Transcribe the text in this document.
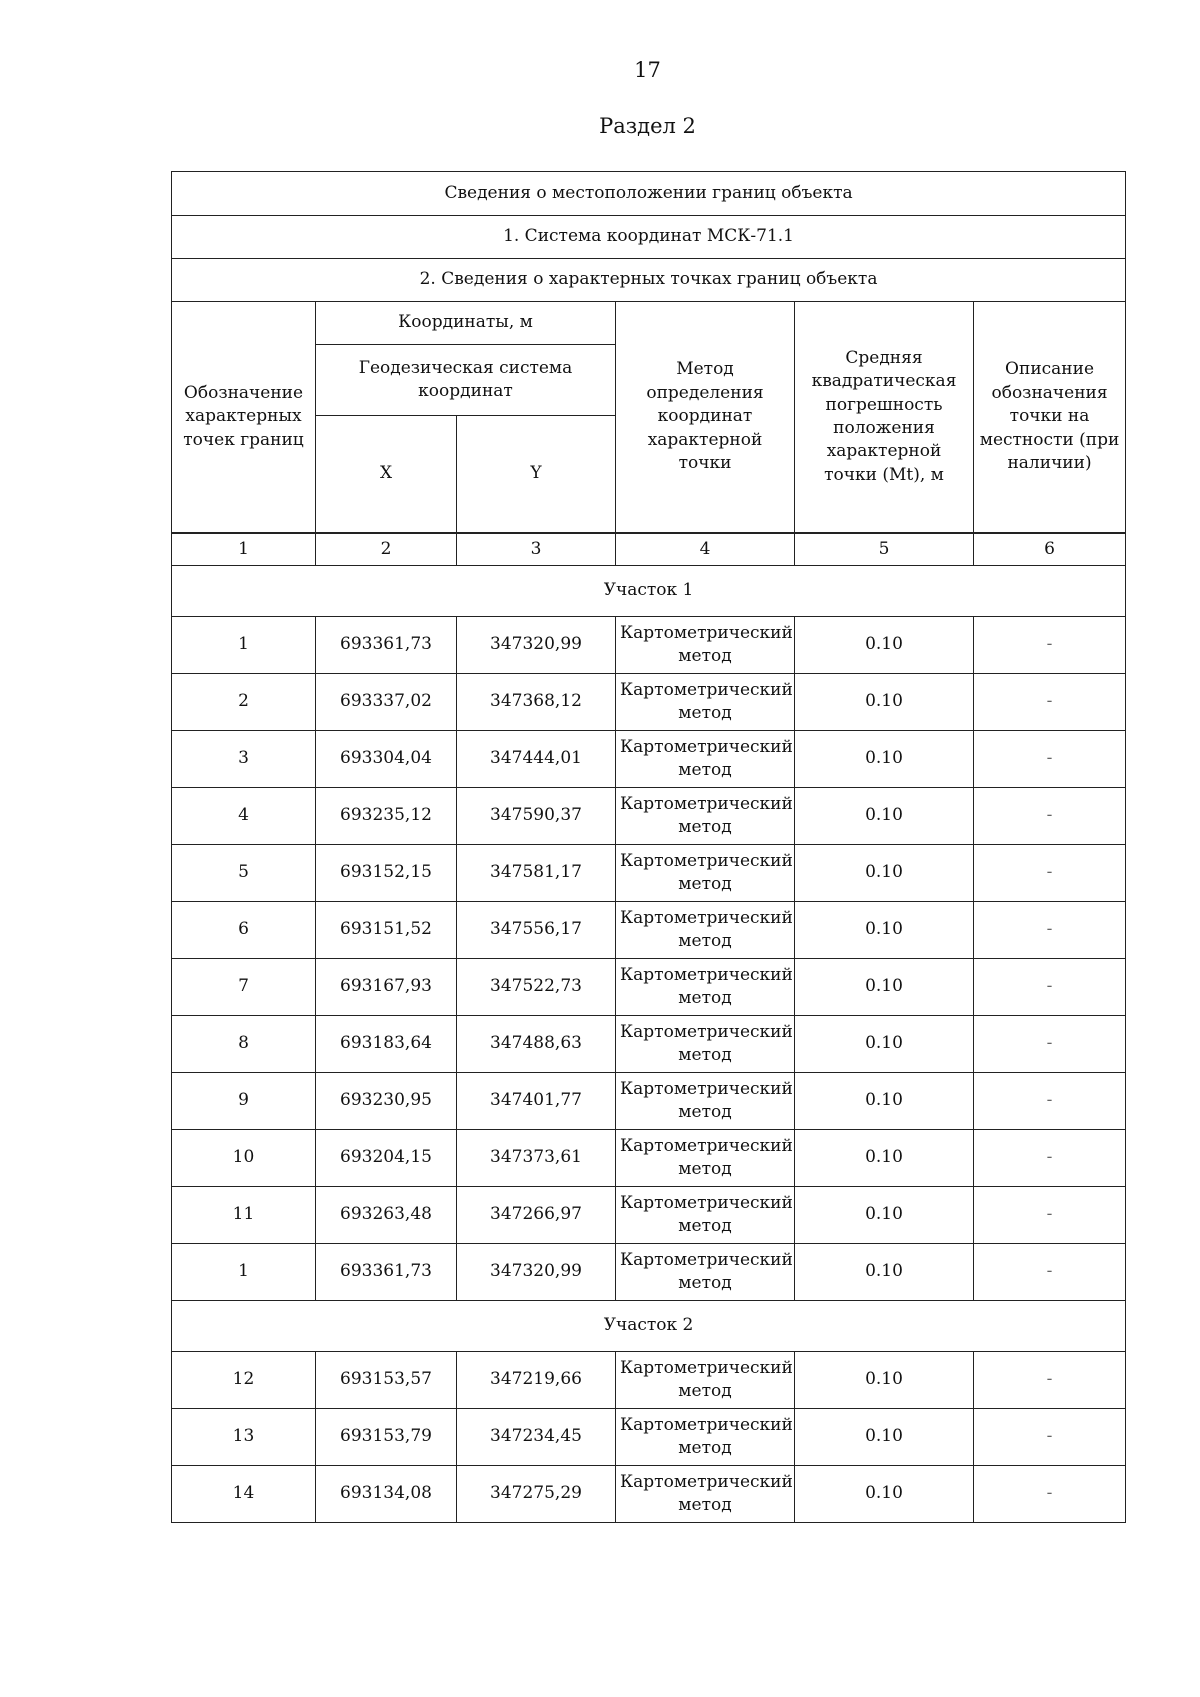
17
Раздел 2
Сведения о местоположении границ объекта					
1. Система координат МСК-71.1					
2. Сведения о характерных точках границ объекта					
Обозначение характерных точек границ	Координаты, м		Метод определения координат характерной точки	Средняя квадратическая погрешность положения характерной точки (Mt), м	Описание обозначения точки на местности (при наличии)
	Геодезическая система координат				
	X	Y			

1	2	3	4	5	6
Участок 1					
1	693361,73	347320,99	Картометрический метод	0.10	-
2	693337,02	347368,12	Картометрический метод	0.10	-
3	693304,04	347444,01	Картометрический метод	0.10	-
4	693235,12	347590,37	Картометрический метод	0.10	-
5	693152,15	347581,17	Картометрический метод	0.10	-
6	693151,52	347556,17	Картометрический метод	0.10	-
7	693167,93	347522,73	Картометрический метод	0.10	-
8	693183,64	347488,63	Картометрический метод	0.10	-
9	693230,95	347401,77	Картометрический метод	0.10	-
10	693204,15	347373,61	Картометрический метод	0.10	-
11	693263,48	347266,97	Картометрический метод	0.10	-
1	693361,73	347320,99	Картометрический метод	0.10	-
Участок 2					
12	693153,57	347219,66	Картометрический метод	0.10	-
13	693153,79	347234,45	Картометрический метод	0.10	-
14	693134,08	347275,29	Картометрический метод	0.10	-
